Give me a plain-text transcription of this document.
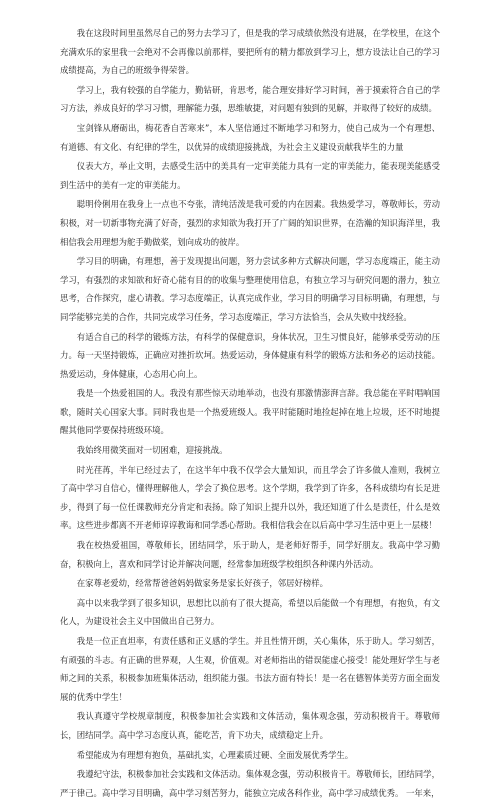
我在这段时间里虽然尽自己的努力去学习了，但是我的学习成绩依然没有进展，在学校里，在这个充满欢乐的家里我一会绝对不会再像以前那样，要把所有的精力都放到学习上，想方设法让自己的学习成绩提高，为自己的班级争得荣誉。

学习上，我有较强的自学能力，勤钻研，肯思考，能合理安排好学习时间，善于摸索符合自己的学习方法，养成良好的学习习惯，理解能力强，思维敏捷，对问题有独到的见解，并取得了较好的成绩。

宝剑锋从磨砺出，梅花香自苦寒来”，本人坚信通过不断地学习和努力，使自己成为一个有理想、有道德、有文化、有纪律的学生，以优异的成绩迎接挑战，为社会主义建设贡献我毕生的力量

仪表大方，举止文明，去感受生活中的美具有一定审美能力具有一定的审美能力，能表现美能感受到生活中的美有一定的审美能力。

聪明伶俐用在我身上一点也不夸张，清纯活泼是我可爱的内在因素。我热爱学习，尊敬师长，劳动积极，对一切新事物充满了好奇，强烈的求知欲为我打开了广阔的知识世界，在浩瀚的知识海洋里，我相信我会用理想为舵手勤做桨，划向成功的彼岸。

学习目的明确，有理想，善于发现提出问题，努力尝试多种方式解决问题，学习态度端正，能主动学习，有强烈的求知欲和好奇心能有目的的收集与整理使用信息，有独立学习与研究问题的潜力，独立思考，合作探究，虚心请教。学习态度端正，认真完成作业，学习目的明确学习目标明确，有理想，与同学能够完美的合作，共同完成学习任务，学习态度端正，学习方法恰当，会从失败中找经验。

有适合自己的科学的锻炼方法，有科学的保健意识，身体状况，卫生习惯良好，能够承受劳动的压力。每一天坚持锻炼，正确应对挫折坎坷。热爱运动，身体健康有科学的锻炼方法和务必的运动技能。热爱运动，身体健康，心态用心向上。

我是一个热爱祖国的人。我没有那些惊天动地举动，也没有那激情澎湃言辞。我总能在平时唱响国歌，随时关心国家大事。同时我也是一个热爱班级人。我平时能随时地捡起掉在地上垃圾，还不时地提醒其他同学要保持班级环境。

我始终用微笑面对一切困难，迎接挑战。

时光荏苒，半年已经过去了，在这半年中我不仅学会大量知识，而且学会了许多做人准则，我树立了高中学习自信心，懂得理解他人，学会了换位思考。这个学期，我学到了许多，各科成绩均有长足进步，得到了每一位任课教师充分肯定和表扬。除了知识上提升以外，我还知道了什么是责任，什么是效率。这些进步都离不开老师谆谆教诲和同学悉心帮助。我相信我会在以后高中学习生活中更上一层楼！

我在校热爱祖国，尊敬师长，团结同学，乐于助人，是老师好帮手，同学好朋友。我高中学习勤奋，积极向上，喜欢和同学讨论并解决问题，经常参加班级学校组织各种课内外活动。

在家尊老爱幼，经常帮爸爸妈妈做家务是家长好孩子，邻居好榜样。

高中以来我学到了很多知识，思想比以前有了很大提高，希望以后能做一个有理想，有抱负，有文化人，为建设社会主义中国做出自己努力。

我是一位正直坦率，有责任感和正义感的学生。并且性情开朗，关心集体，乐于助人。学习刻苦，有顽强的斗志。有正确的世界观，人生观，价值观。对老师指出的错误能虚心接受！能处理好学生与老师之间的关系，积极参加班集体活动，组织能力强。书法方面有特长！是一名在德智体美劳方面全面发展的优秀中学生！

我认真遵守学校规章制度，积极参加社会实践和文体活动，集体观念强，劳动积极肯干。尊敬师长，团结同学。高中学习态度认真，能吃苦，肯下功夫，成绩稳定上升。

希望能成为有理想有抱负，基础扎实，心理素质过硬、全面发展优秀学生。

我遵纪守法，积极参加社会实践和文体活动。集体观念强，劳动积极肯干。尊敬师长，团结同学，严于律己。高中学习目明确，高中学习刻苦努力，能独立完成各科作业，高中学习成绩优秀。 一年来，
